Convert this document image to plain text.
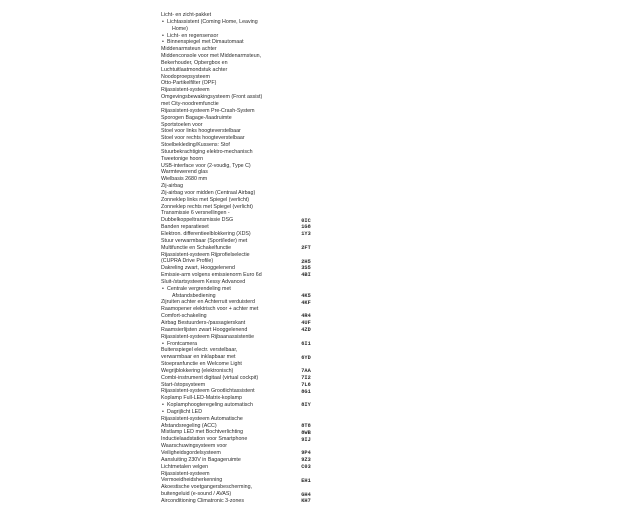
Licht- en zicht-pakket
• Lichtassistent (Coming Home, Leaving
Home)
• Licht- en regensensor
• Binnenspiegel met Dimautomaat
Middenarmsteun achter
Middenconsole voor met Middenarmsteun,
Bekerhouder, Opbergbox en
Luchtuitlaatmondstuk achter
Noodoproepsysteem
Otto-Partikelfilter (OPF)
Rijassistent-systeem
Omgevingsbewakingsysteem (Front assist)
met City-noodremfunctie
Rijassistent-systeem Pre-Crash-System
Sporogen Bagage-/laadruimte
Sportstoelen voor
Stoel voor links hoogteverstelbaar
Stoel voor rechts hoogteverstelbaar
Stoelbekleding/Kussens: Stof
Stuurbekrachtiging elektro-mechanisch
Tweetonige hoorn
USB-interface voor (2-voudig, Type C)
Warmtewerend glas
Wielbasis 2680 mm
Zij-airbag
Zij-airbag voor midden (Centraal Airbag)
Zonneklep links met Spiegel (verlicht)
Zonneklep rechts met Spiegel (verlicht)
Transmissie 6 versnellingen -
Dubbelkoppeltransmissie DSG
Banden reparatieset
Elektron. differentieelblokkering (XDS)
Stuur verwarmbaar (Sport/leder) met
Multifunctie en Schakelfunctie
Rijassistent-systeem Rijprofielselectie
(CUPRA Drive Profile)
Dakreling zwart, Hooggelenend
Emissie-arm volgens emissienorm Euro 6d
Sluit-/startsysteem Kessy Advanced
• Centrale vergrendeling met
Afstandsbediening
Zijruiten achter en Achterruit verduisterd
Raamopener elektrisch voor + achter met
Comfort-schakeling
Airbag Bestuurders-/passagierskant
Raamsierlijsten zwart Hooggelenend
Rijassistent-systeem Rijbaanassistentie
• Frontcamera
Buitenspiegel electr. verstelbaar,
verwarmbaar en inklapbaar met
Stoepranfunctie en Welcome Light
Wegrijblokkering (elektronisch)
Combi-instrument digitaal (virtual cockpit)
Start-/stopsysteem
Rijassistent-systeem Grootlichtassistent
Koplamp Full-LED-Matrix-koplamp
• Koplamphoogteregeling automatisch
• Dagrijlicht LED
Rijassistent-systeem Automatische
Afstandsregeling (ACC)
Mistlamp LED met Bochtverlichting
Inductielaadstation voor Smartphone
Waarschuwingsysteem voor
Veiligheidsgordelsysteem
Aansluiting 230V in Bagageruimte
Lichtmetalen velgen
Rijassistent-systeem
Vermoeidheidsherkenning
Akoestische voetgangersbescherming,
buitengeluid (e-sound / AVAS)
Airconditioning Climatronic 3-zones
0IC
1G8
1Y3
2FT
2H5
3S5
4BI
4K5
4KF
4R4
4UF
4ZD
6I1
6YD
7AA
7I2
7L6
8G1
8IY
8T8
8WB
9IJ
9P4
9Z3
C03
EH1
GH4
KH7
